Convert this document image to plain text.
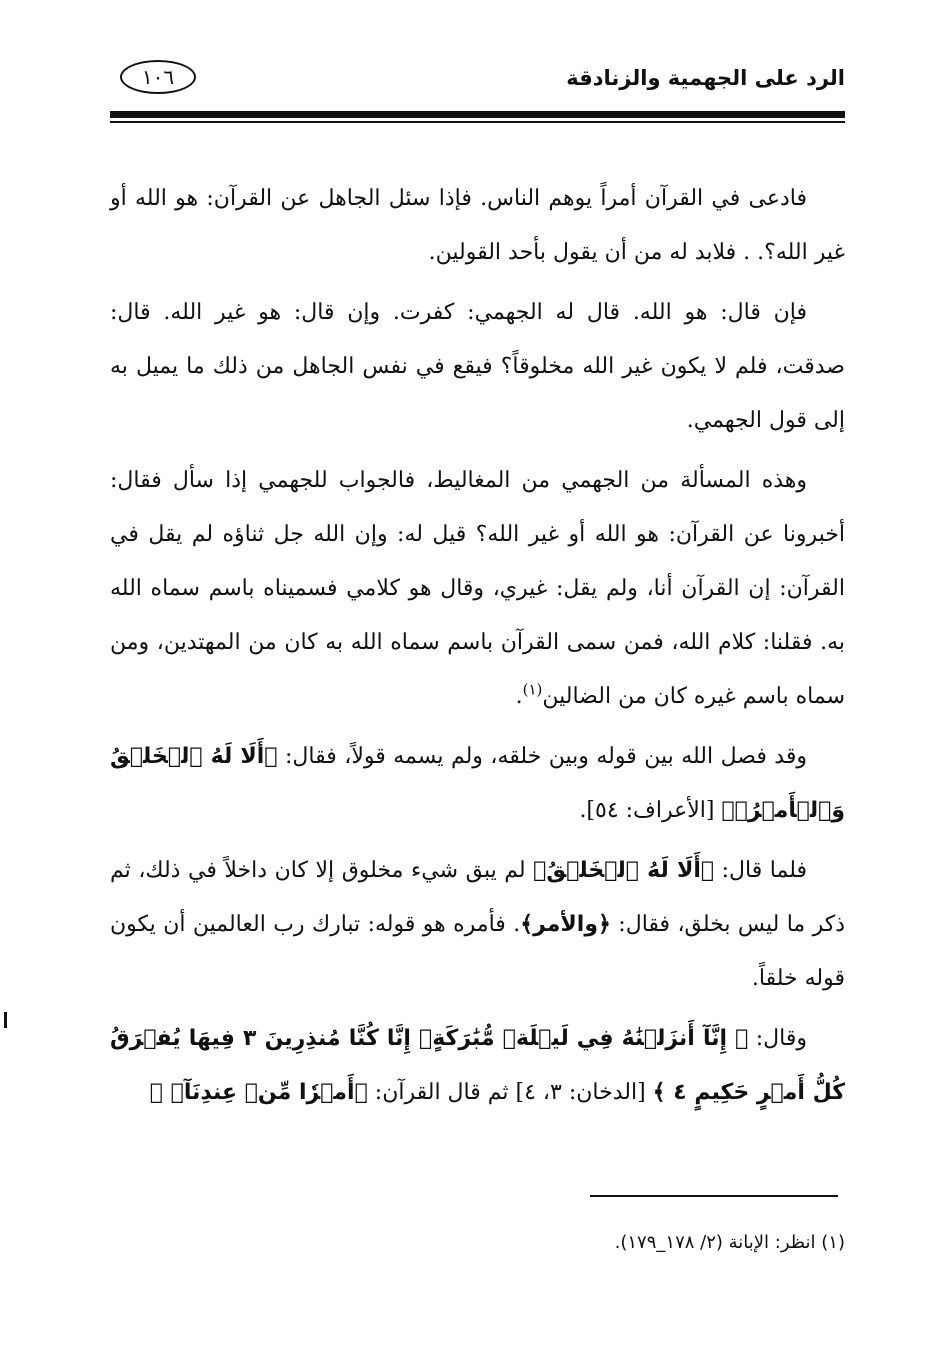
الرد على الجهمية والزنادقة
١٠٦

فادعى في القرآن أمراً يوهم الناس. فإذا سئل الجاهل عن القرآن: هو الله أو غير الله؟. . فلابد له من أن يقول بأحد القولين.

فإن قال: هو الله. قال له الجهمي: كفرت. وإن قال: هو غير الله. قال: صدقت، فلم لا يكون غير الله مخلوقاً؟ فيقع في نفس الجاهل من ذلك ما يميل به إلى قول الجهمي.

وهذه المسألة من الجهمي من المغاليط، فالجواب للجهمي إذا سأل فقال: أخبرونا عن القرآن: هو الله أو غير الله؟ قيل له: وإن الله جل ثناؤه لم يقل في القرآن: إن القرآن أنا، ولم يقل: غيري، وقال هو كلامي فسميناه باسم سماه الله به. فقلنا: كلام الله، فمن سمى القرآن باسم سماه الله به كان من المهتدين، ومن سماه باسم غيره كان من الضالين$^{(١)}$.

وقد فصل الله بين قوله وبين خلقه، ولم يسمه قولاً، فقال: ﴿أَلَا لَهُ ٱلۡخَلۡقُ وَٱلۡأَمۡرُۗ﴾ [الأعراف: ٥٤].

فلما قال: ﴿أَلَا لَهُ ٱلۡخَلۡقُ﴾ لم يبق شيء مخلوق إلا كان داخلاً في ذلك، ثم ذكر ما ليس بخلق، فقال: ﴿والأمر﴾. فأمره هو قوله: تبارك رب العالمين أن يكون قوله خلقاً.

وقال: ﴿ إِنَّآ أَنزَلۡنَٰهُ فِي لَيۡلَةٖ مُّبَٰرَكَةٍۚ إِنَّا كُنَّا مُنذِرِينَ ٣ فِيهَا يُفۡرَقُ كُلُّ أَمۡرٍ حَكِيمٍ ٤ ﴾ [الدخان: ٣، ٤] ثم قال القرآن: ﴿أَمۡرٗا مِّنۡ عِندِنَآۚ ﴾

(١) انظر: الإبانة (٢/ ١٧٨_١٧٩).
